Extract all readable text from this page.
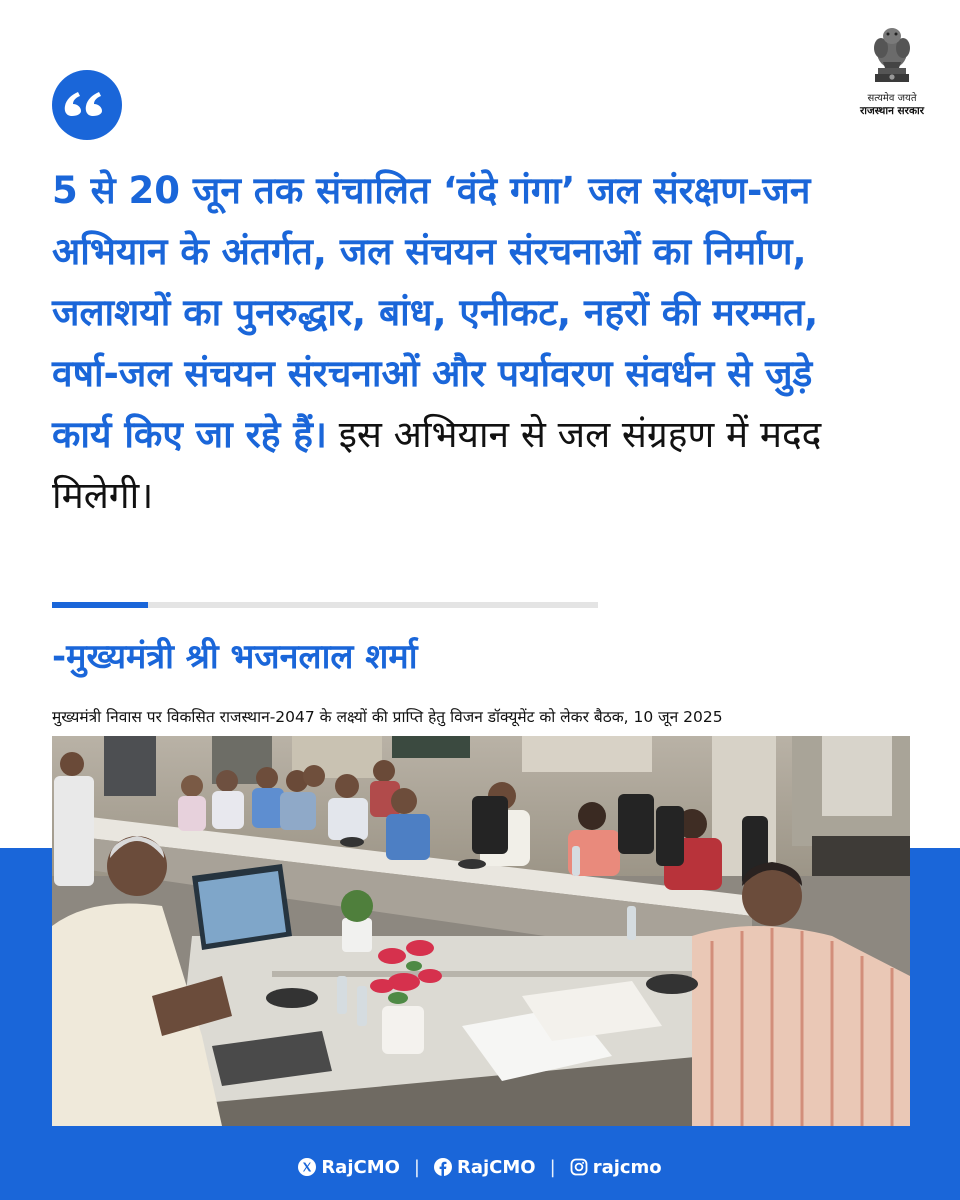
सत्यमेव जयते
राजस्थान सरकार
5 से 20 जून तक संचालित ‘वंदे गंगा’ जल संरक्षण-जन अभियान के अंतर्गत, जल संचयन संरचनाओं का निर्माण, जलाशयों का पुनरुद्धार, बांध, एनीकट, नहरों की मरम्मत, वर्षा-जल संचयन संरचनाओं और पर्यावरण संवर्धन से जुड़े कार्य किए जा रहे हैं। इस अभियान से जल संग्रहण में मदद मिलेगी।
-मुख्यमंत्री श्री भजनलाल शर्मा
मुख्यमंत्री निवास पर विकसित राजस्थान-2047 के लक्ष्यों की प्राप्ति हेतु विजन डॉक्यूमेंट को लेकर बैठक, 10 जून 2025
RajCMO | RajCMO | rajcmo
